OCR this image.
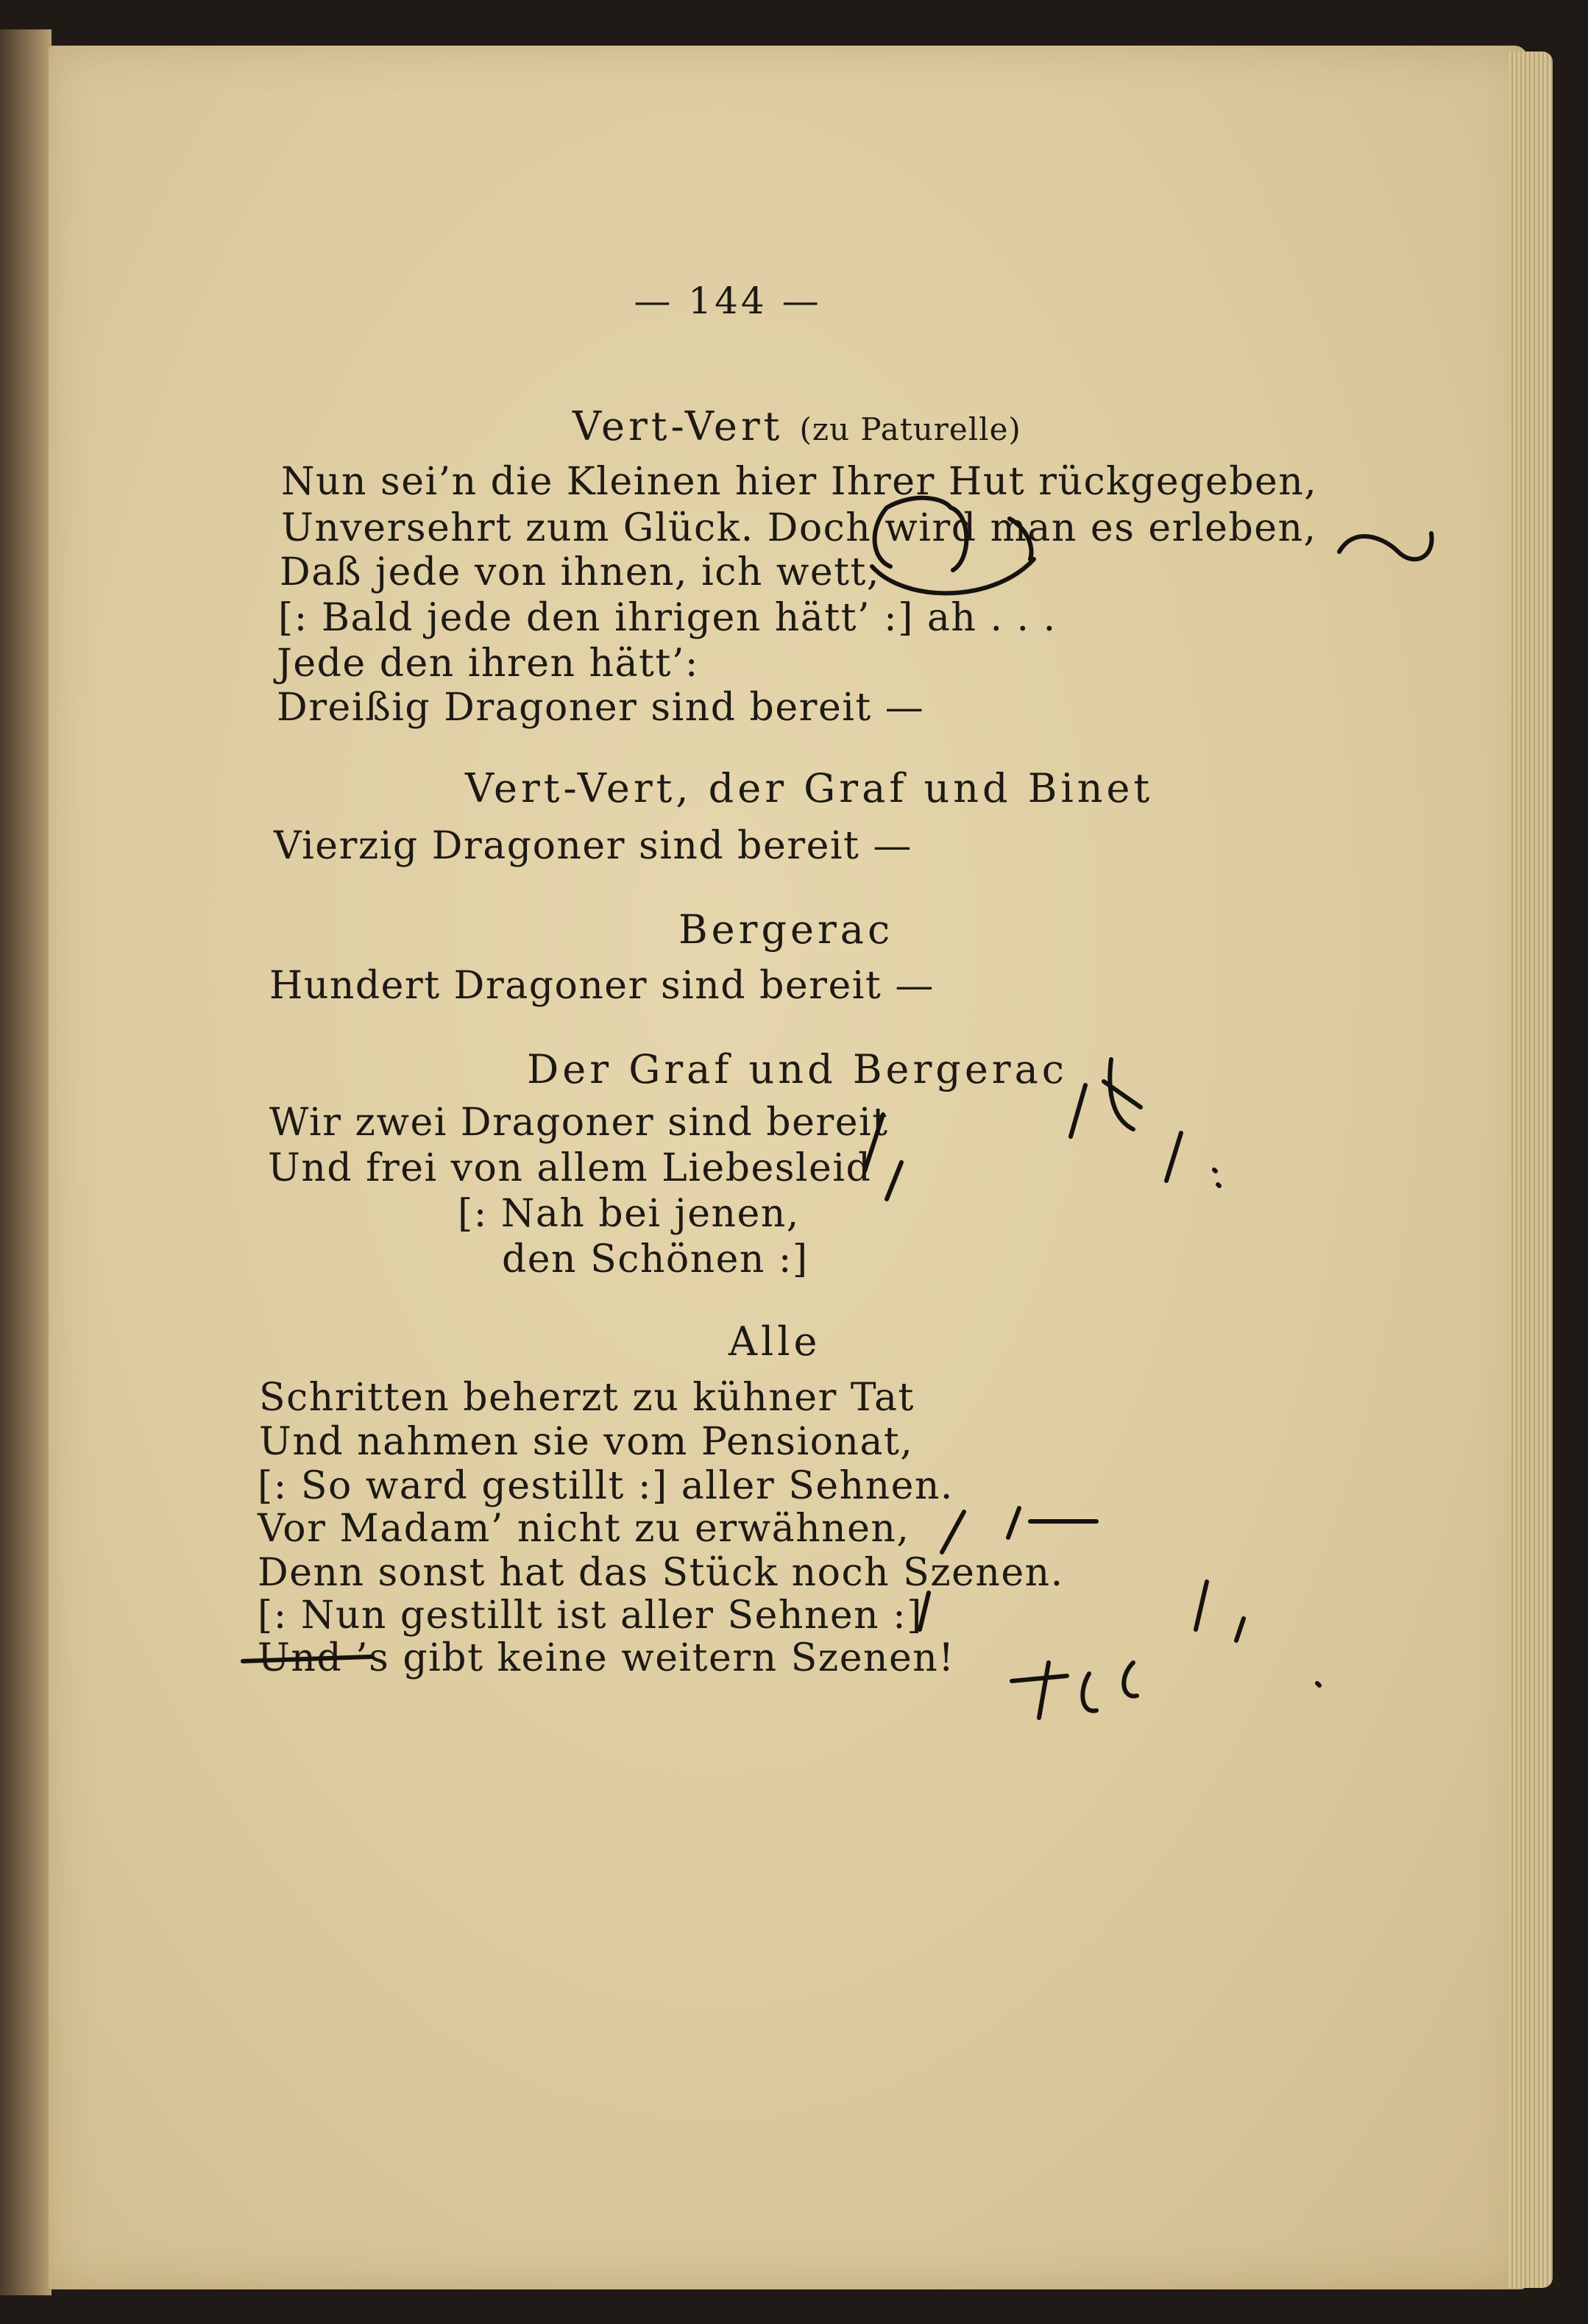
— 144 —
Vert-Vert (zu Paturelle)
Nun sei’n die Kleinen hier Ihrer Hut rückgegeben,
Unversehrt zum Glück. Doch wird man es erleben,
Daß jede von ihnen, ich wett,
[: Bald jede den ihrigen hätt’ :] ah . . .
Jede den ihren hätt’:
Dreißig Dragoner sind bereit —
Vert-Vert, der Graf und Binet
Vierzig Dragoner sind bereit —
Bergerac
Hundert Dragoner sind bereit —
Der Graf und Bergerac
Wir zwei Dragoner sind bereit
Und frei von allem Liebesleid
[: Nah bei jenen,
den Schönen :]
Alle
Schritten beherzt zu kühner Tat
Und nahmen sie vom Pensionat,
[: So ward gestillt :] aller Sehnen.
Vor Madam’ nicht zu erwähnen,
Denn sonst hat das Stück noch Szenen.
[: Nun gestillt ist aller Sehnen :]
Und ’s gibt keine weitern Szenen!
